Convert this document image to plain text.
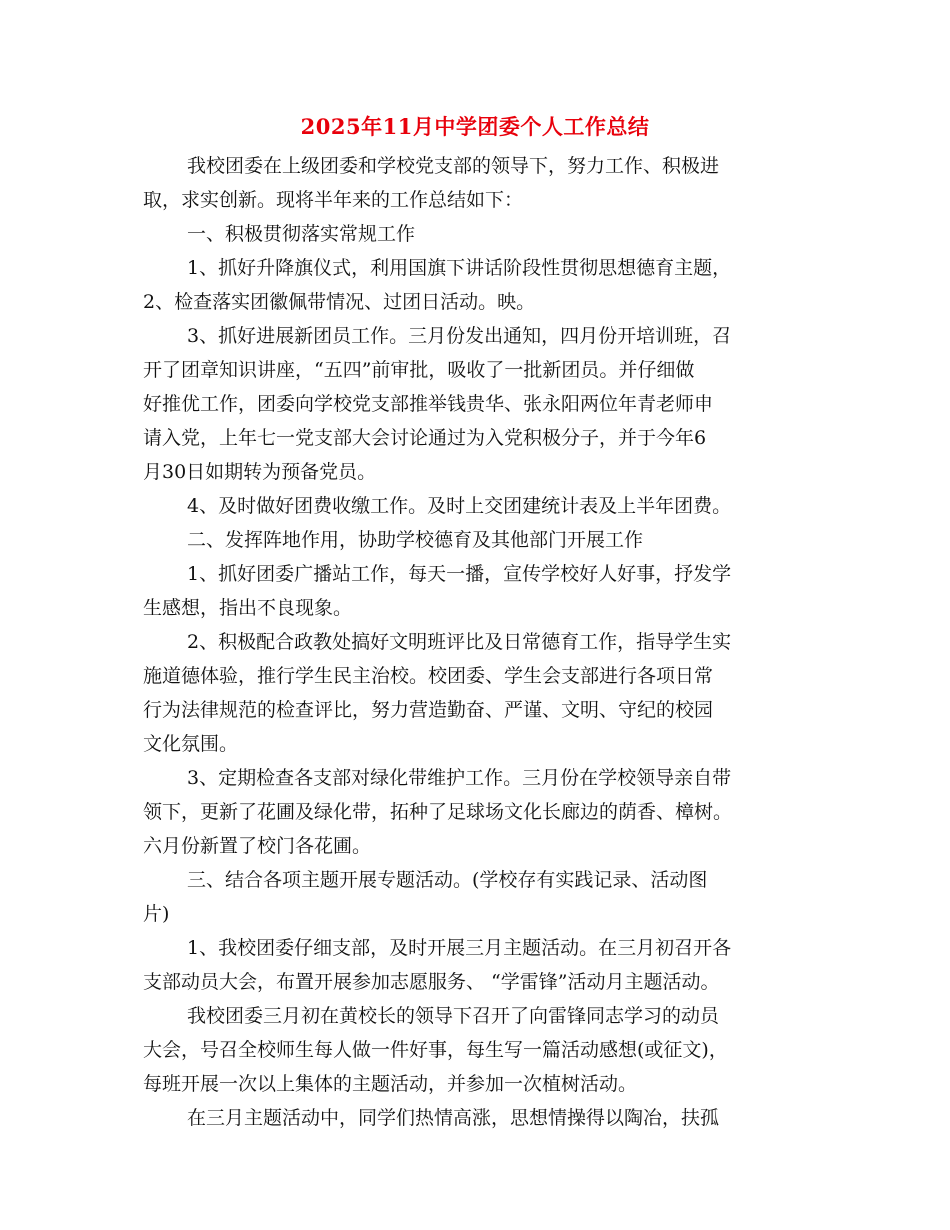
2025年11月中学团委个人工作总结
我校团委在上级团委和学校党支部的领导下，努力工作、积极进
取，求实创新。现将半年来的工作总结如下：
一、积极贯彻落实常规工作
1、抓好升降旗仪式，利用国旗下讲话阶段性贯彻思想德育主题，
2、检查落实团徽佩带情况、过团日活动。映。
3、抓好进展新团员工作。三月份发出通知，四月份开培训班，召
开了团章知识讲座，“五四”前审批，吸收了一批新团员。并仔细做
好推优工作，团委向学校党支部推举钱贵华、张永阳两位年青老师申
请入党，上年七一党支部大会讨论通过为入党积极分子，并于今年6
月30日如期转为预备党员。
4、及时做好团费收缴工作。及时上交团建统计表及上半年团费。
二、发挥阵地作用，协助学校德育及其他部门开展工作
1、抓好团委广播站工作，每天一播，宣传学校好人好事，抒发学
生感想，指出不良现象。
2、积极配合政教处搞好文明班评比及日常德育工作，指导学生实
施道德体验，推行学生民主治校。校团委、学生会支部进行各项日常
行为法律规范的检查评比，努力营造勤奋、严谨、文明、守纪的校园
文化氛围。
3、定期检查各支部对绿化带维护工作。三月份在学校领导亲自带
领下，更新了花圃及绿化带，拓种了足球场文化长廊边的荫香、樟树。
六月份新置了校门各花圃。
三、结合各项主题开展专题活动。(学校存有实践记录、活动图
片)
1、我校团委仔细支部，及时开展三月主题活动。在三月初召开各
支部动员大会，布置开展参加志愿服务、 “学雷锋”活动月主题活动。
我校团委三月初在黄校长的领导下召开了向雷锋同志学习的动员
大会，号召全校师生每人做一件好事，每生写一篇活动感想(或征文)，
每班开展一次以上集体的主题活动，并参加一次植树活动。
在三月主题活动中，同学们热情高涨，思想情操得以陶冶，扶孤
